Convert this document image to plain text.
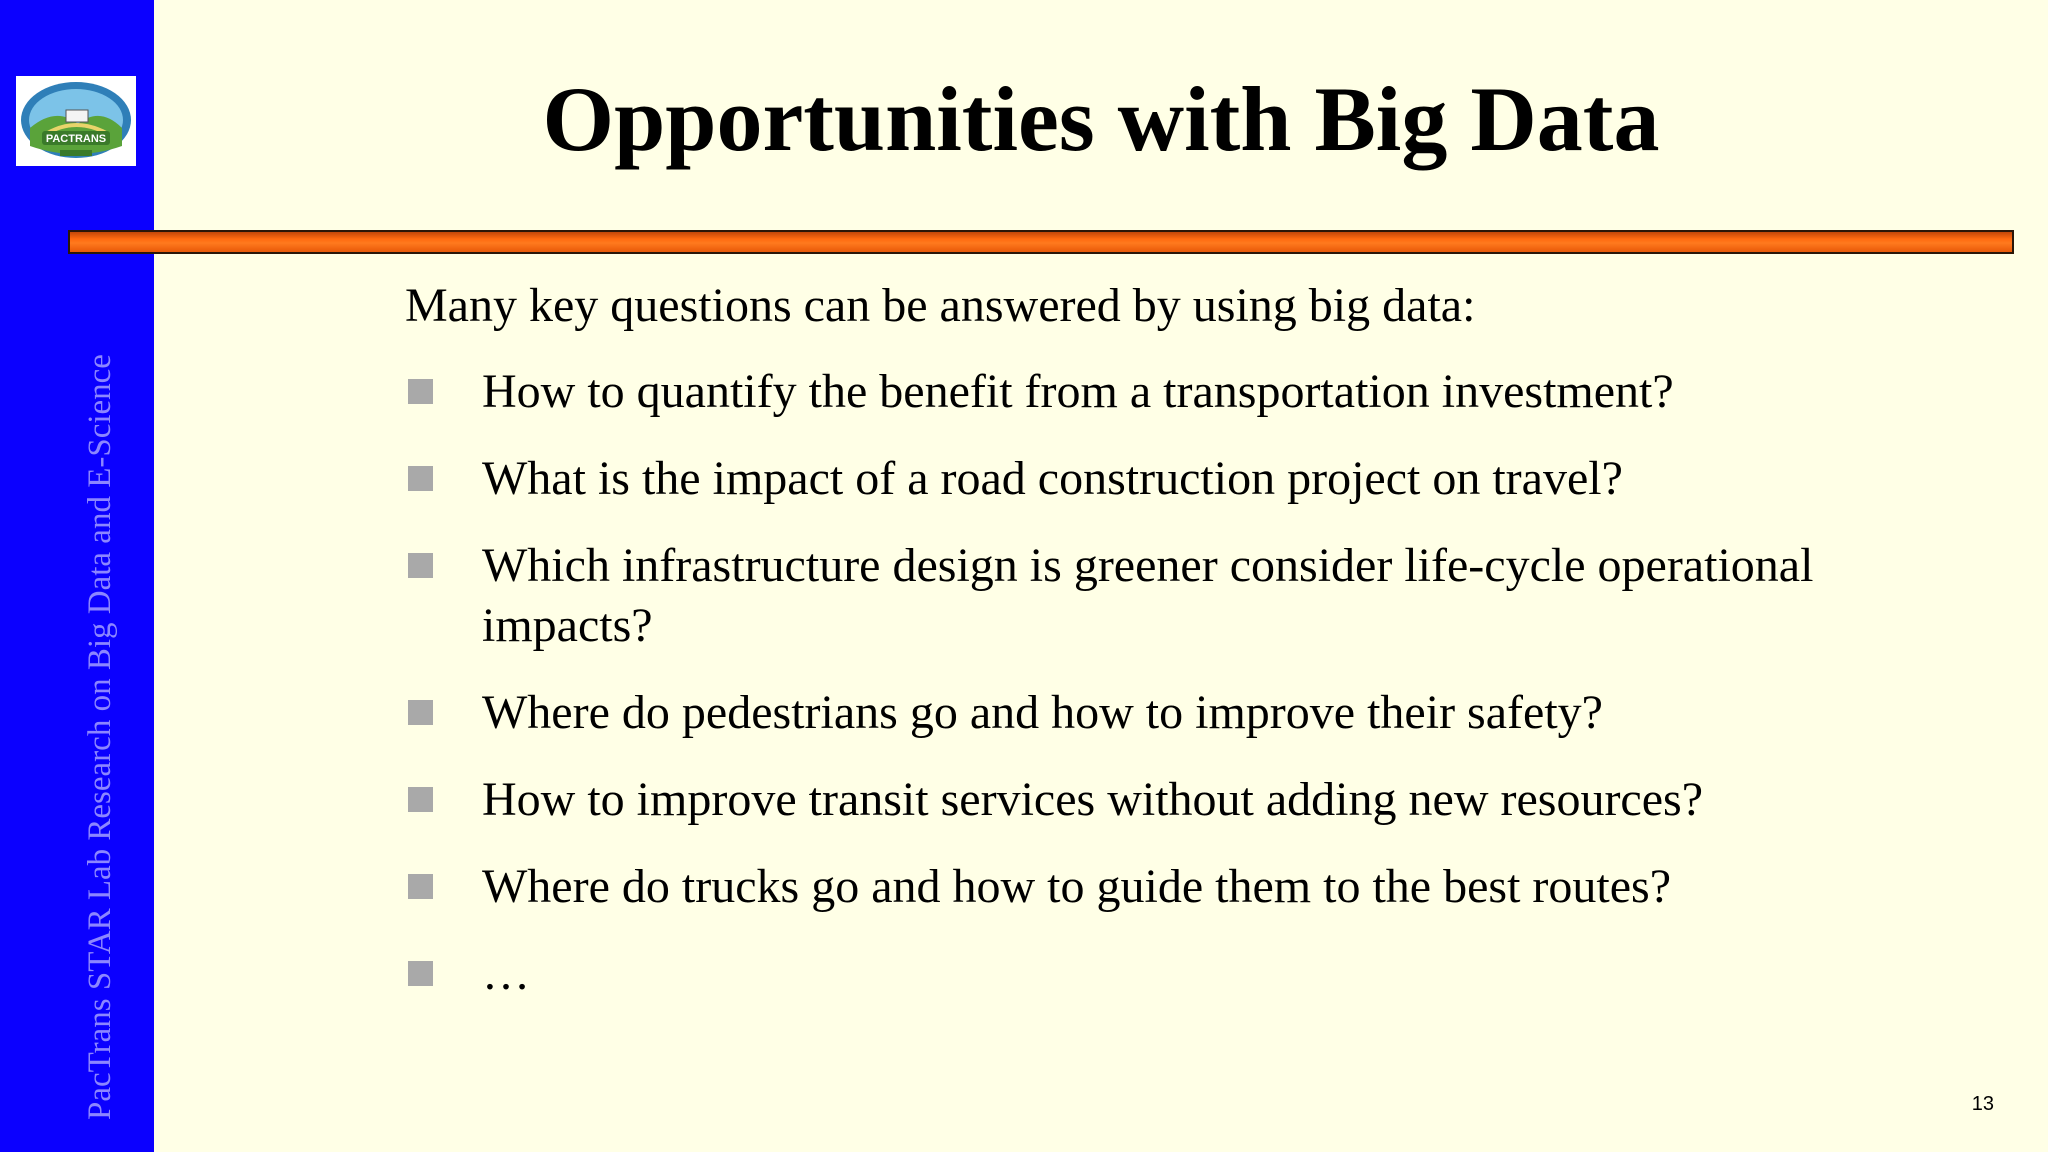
PACTRANS
PacTrans STAR Lab Research on Big Data and E-Science
Opportunities with Big Data
Many key questions can be answered by using big data:
How to quantify the benefit from a transportation investment?
What is the impact of a road construction project on travel?
Which infrastructure design is greener consider life-cycle operational impacts?
Where do pedestrians go and how to improve their safety?
How to improve transit services without adding new resources?
Where do trucks go and how to guide them to the best routes?
…
13
